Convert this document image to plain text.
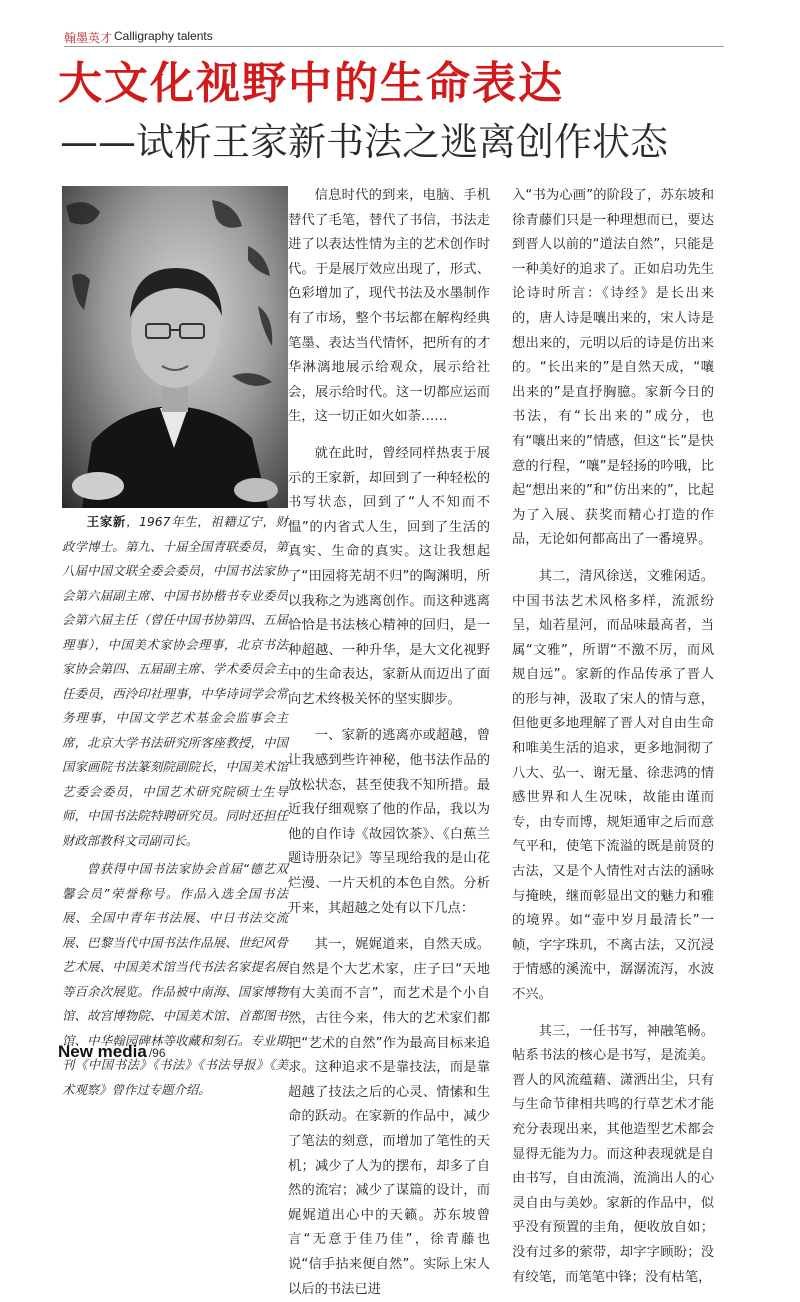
翰墨英才 Calligraphy talents
大文化视野中的生命表达
——试析王家新书法之逃离创作状态

王家新，1967年生，祖籍辽宁，财政学博士。第九、十届全国青联委员，第八届中国文联全委会委员，中国书法家协会第六届副主席、中国书协楷书专业委员会第六届主任（曾任中国书协第四、五届理事），中国美术家协会理事，北京书法家协会第四、五届副主席、学术委员会主任委员，西泠印社理事，中华诗词学会常务理事，中国文学艺术基金会监事会主席，北京大学书法研究所客座教授，中国国家画院书法篆刻院副院长，中国美术馆艺委会委员，中国艺术研究院硕士生导师，中国书法院特聘研究员。同时还担任财政部教科文司副司长。

曾获得中国书法家协会首届“德艺双馨会员”荣誉称号。作品入选全国书法展、全国中青年书法展、中日书法交流展、巴黎当代中国书法作品展、世纪风骨艺术展、中国美术馆当代书法名家提名展等百余次展览。作品被中南海、国家博物馆、故宫博物院、中国美术馆、首都图书馆、中华翰园碑林等收藏和刻石。专业期刊《中国书法》《书法》《书法导报》《美术观察》曾作过专题介绍。

信息时代的到来，电脑、手机替代了毛笔，替代了书信，书法走进了以表达性情为主的艺术创作时代。于是展厅效应出现了，形式、色彩增加了，现代书法及水墨制作有了市场，整个书坛都在解构经典笔墨、表达当代情怀，把所有的才华淋漓地展示给观众，展示给社会，展示给时代。这一切都应运而生，这一切正如火如荼……

就在此时，曾经同样热衷于展示的王家新，却回到了一种轻松的书写状态，回到了“人不知而不愠”的内省式人生，回到了生活的真实、生命的真实。这让我想起了“田园将芜胡不归”的陶渊明，所以我称之为逃离创作。而这种逃离恰恰是书法核心精神的回归，是一种超越、一种升华，是大文化视野中的生命表达，家新从而迈出了面向艺术终极关怀的坚实脚步。

一、家新的逃离亦或超越，曾让我感到些许神秘，他书法作品的放松状态，甚至使我不知所措。最近我仔细观察了他的作品，我以为他的自作诗《故园饮茶》、《白蕉兰题诗册杂记》等呈现给我的是山花烂漫、一片天机的本色自然。分析开来，其超越之处有以下几点：

其一，娓娓道来，自然天成。自然是个大艺术家，庄子曰“天地有大美而不言”，而艺术是个小自然，古往今来，伟大的艺术家们都把“艺术的自然”作为最高目标来追求。这种追求不是靠技法，而是靠超越了技法之后的心灵、情愫和生命的跃动。在家新的作品中，减少了笔法的刻意，而增加了笔性的天机；减少了人为的摆布，却多了自然的流宕；减少了谋篇的设计，而娓娓道出心中的天籁。苏东坡曾言“无意于佳乃佳”，徐青藤也说“信手拈来便自然”。实际上宋人以后的书法已进

入“书为心画”的阶段了，苏东坡和徐青藤们只是一种理想而已，要达到晋人以前的“道法自然”，只能是一种美好的追求了。正如启功先生论诗时所言：《诗经》是长出来的，唐人诗是嚷出来的，宋人诗是想出来的，元明以后的诗是仿出来的。“长出来的”是自然天成，“嚷出来的”是直抒胸臆。家新今日的书法，有“长出来的”成分，也有“嚷出来的”情感，但这“长”是快意的行程，“嚷”是轻扬的吟哦，比起“想出来的”和“仿出来的”，比起为了入展、获奖而精心打造的作品，无论如何都高出了一番境界。

其二，清风徐送，文雅闲适。中国书法艺术风格多样，流派纷呈，灿若星河，而品味最高者，当属“文雅”，所谓“不激不厉，而风规自远”。家新的作品传承了晋人的形与神，汲取了宋人的情与意，但他更多地理解了晋人对自由生命和唯美生活的追求，更多地洞彻了八大、弘一、谢无量、徐悲鸿的情感世界和人生况味，故能由谨而专，由专而博，规矩通审之后而意气平和，使笔下流溢的既是前贤的古法，又是个人情性对古法的涵咏与掩映，继而彰显出文的魅力和雅的境界。如“壶中岁月最清长”一帧，字字珠玑，不离古法，又沉浸于情感的溪流中，潺潺流泻，水波不兴。

其三，一任书写，神融笔畅。帖系书法的核心是书写，是流美。晋人的风流蕴藉、潇洒出尘，只有与生命节律相共鸣的行草艺术才能充分表现出来，其他造型艺术都会显得无能为力。而这种表现就是自由书写，自由流淌，流淌出人的心灵自由与美妙。家新的作品中，似乎没有预置的圭角，便收放自如；没有过多的萦带，却字字顾盼；没有绞笔，而笔笔中锋；没有枯笔，

New media /96
